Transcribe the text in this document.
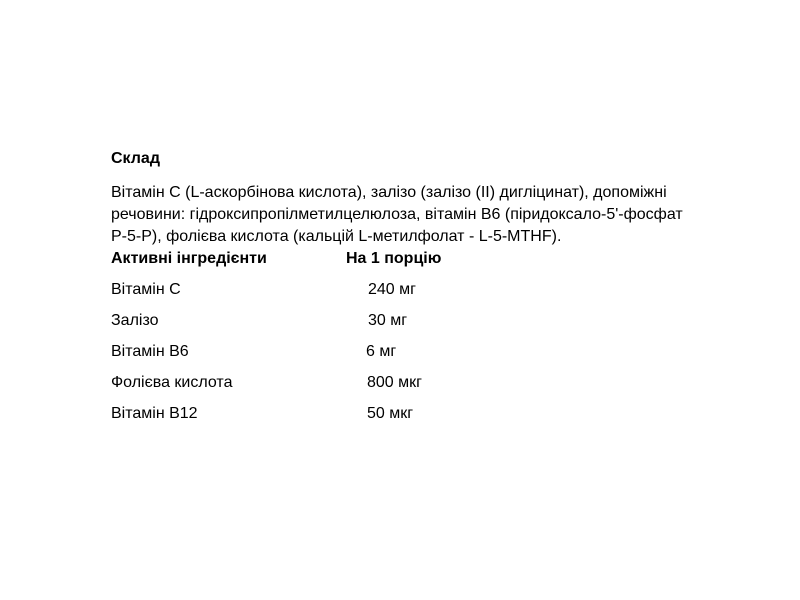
Склад

Вітамін С (L-аскорбінова кислота), залізо (залізо (II) дигліцинат), допоміжні речовини: гідроксипропілметилцелюлоза, вітамін В6 (піридоксало-5'-фосфат Р-5-Р), фолієва кислота (кальцій L-метилфолат - L-5-MTHF).

Активні інгредієнти	На 1 порцію
Вітамін С	240 мг
Залізо	30 мг
Вітамін В6	6 мг
Фолієва кислота	800 мкг
Вітамін В12	50 мкг
